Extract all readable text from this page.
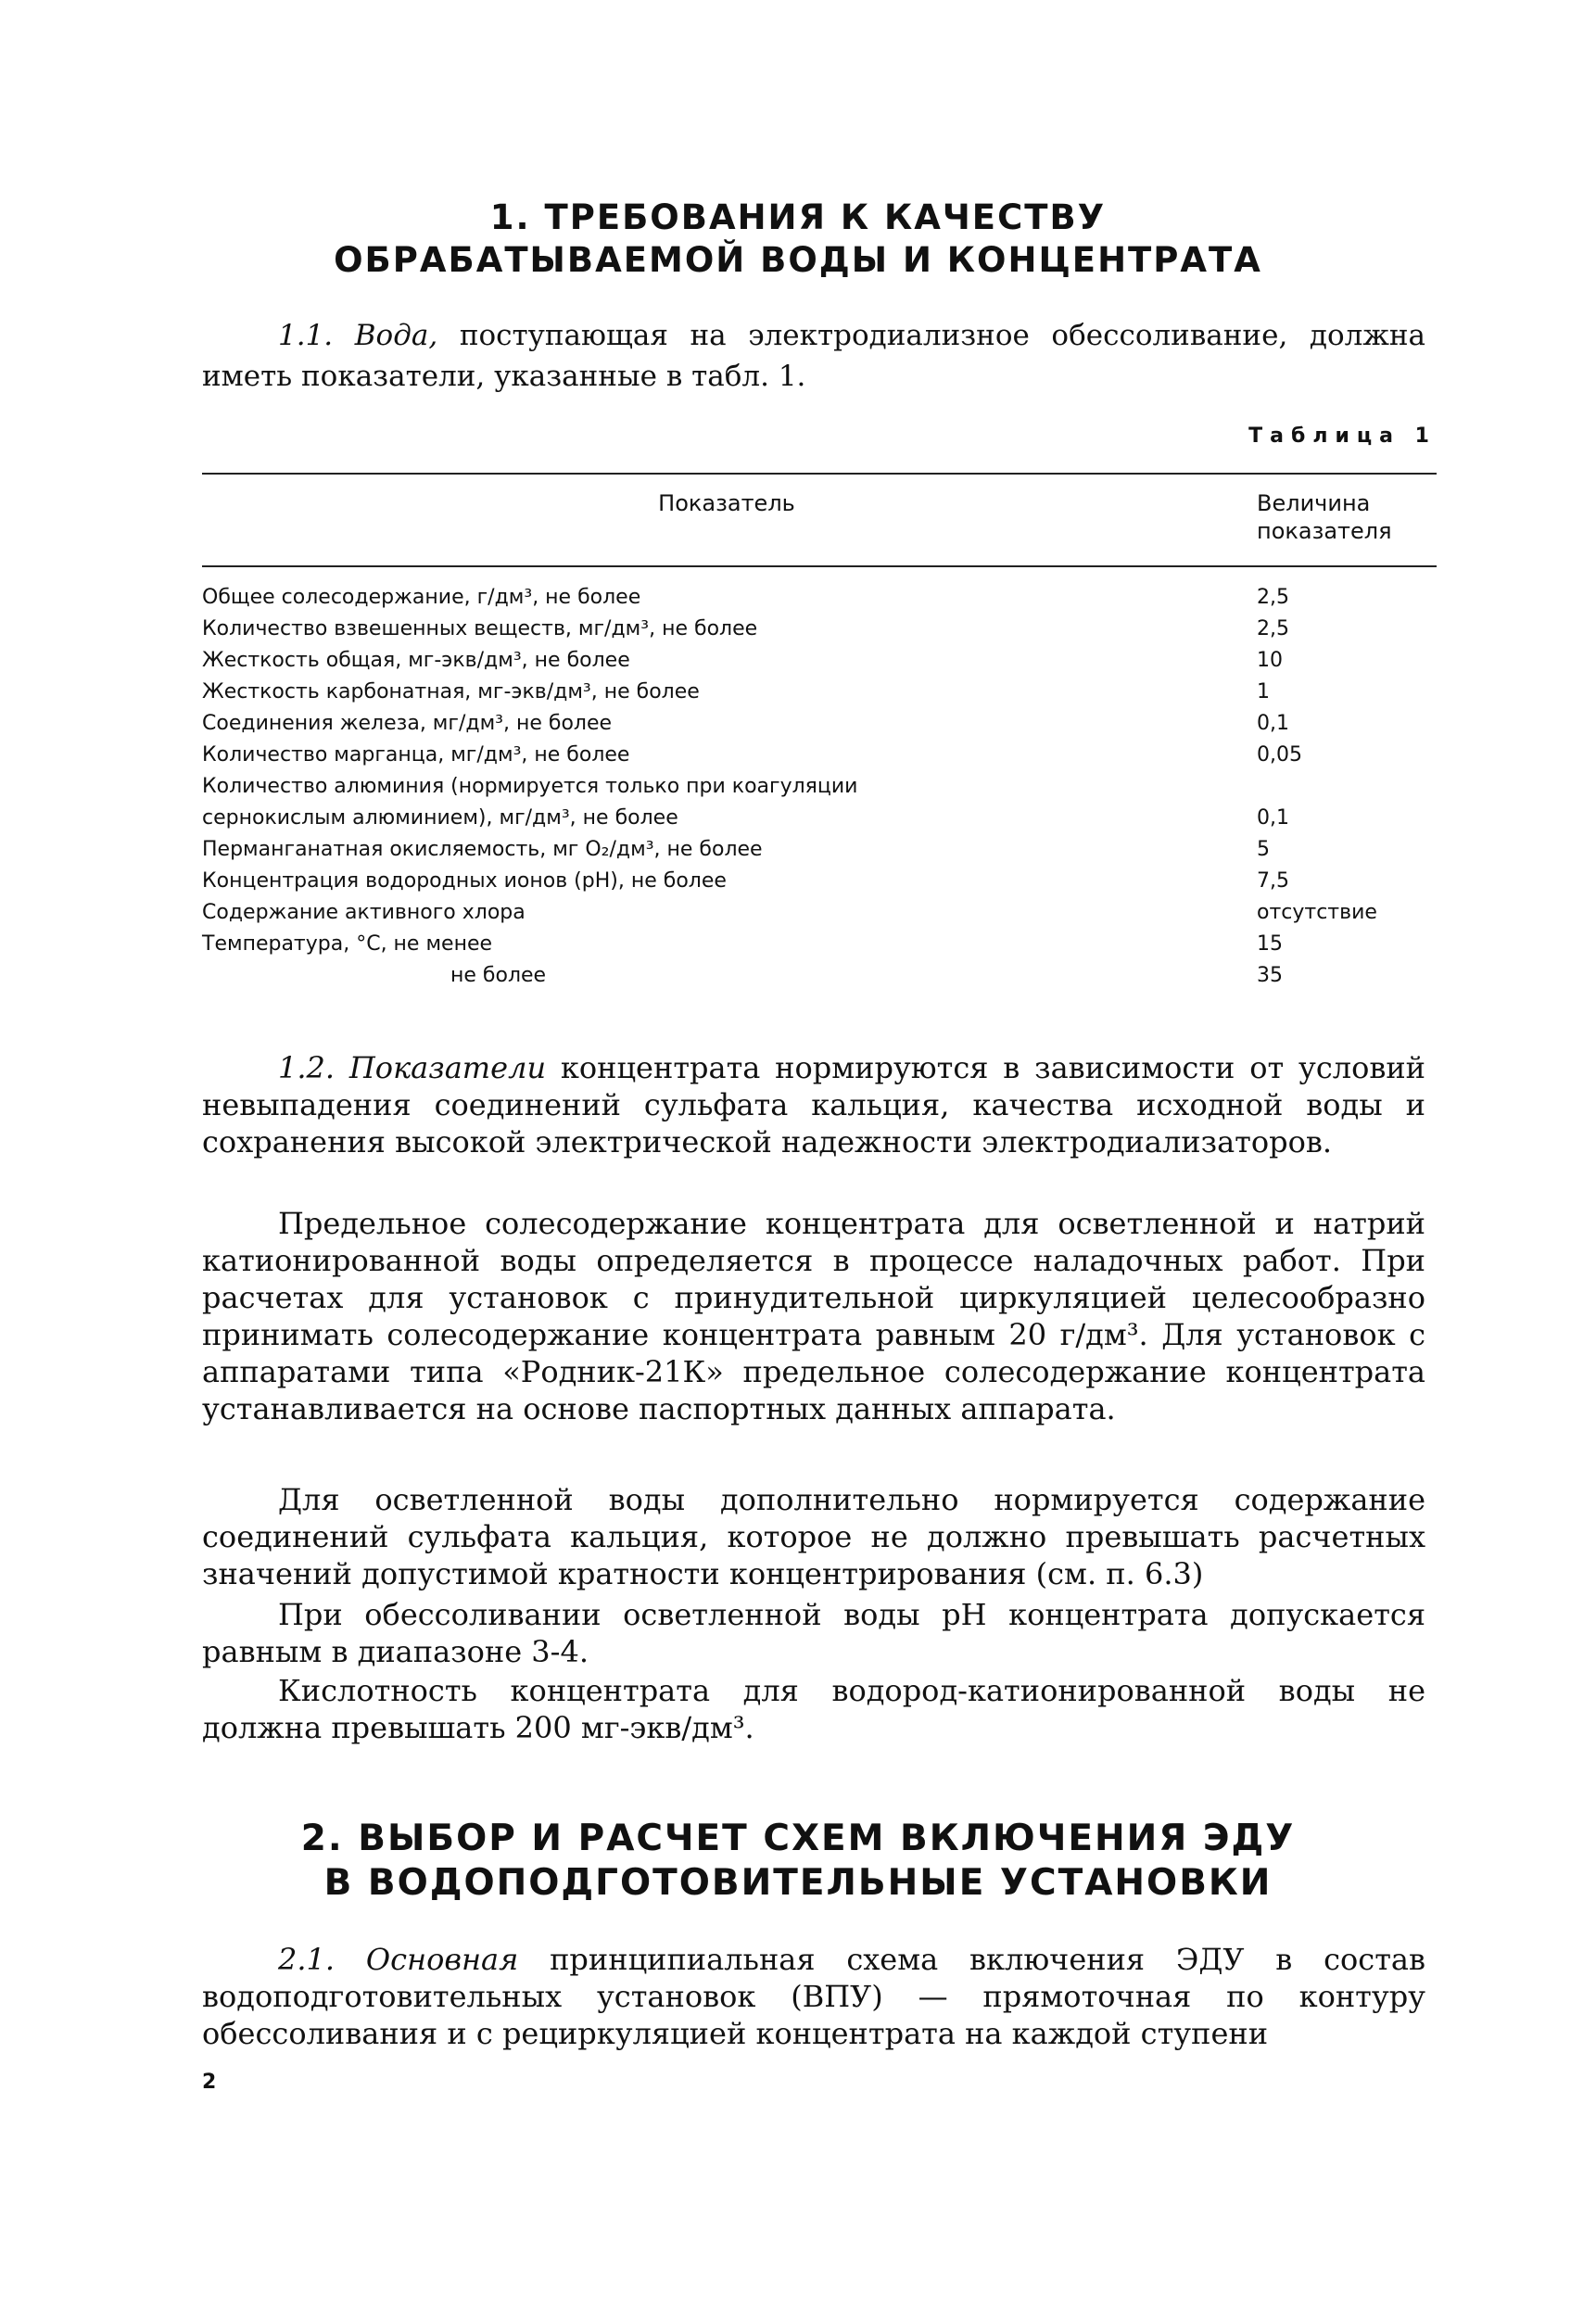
1. ТРЕБОВАНИЯ К КАЧЕСТВУ
ОБРАБАТЫВАЕМОЙ ВОДЫ И КОНЦЕНТРАТА

1.1. Вода, поступающая на электродиализное обессоливание, должна иметь показатели, указанные в табл. 1.

Таблица 1
Показатель	Величина показателя
Общее солесодержание, г/дм³, не более	2,5
Количество взвешенных веществ, мг/дм³, не более	2,5
Жесткость общая, мг-экв/дм³, не более	10
Жесткость карбонатная, мг-экв/дм³, не более	1
Соединения железа, мг/дм³, не более	0,1
Количество марганца, мг/дм³, не более	0,05
Количество алюминия (нормируется только при коагуляции
сернокислым алюминием), мг/дм³, не более	0,1
Перманганатная окисляемость, мг О₂/дм³, не более	5
Концентрация водородных ионов (pH), не более	7,5
Содержание активного хлора	отсутствие
Температура, °С, не менее	15
не более	35

1.2. Показатели концентрата нормируются в зависимости от условий невыпадения соединений сульфата кальция, качества исходной воды и сохранения высокой электрической надежности электродиализаторов.

Предельное солесодержание концентрата для осветленной и натрий катионированной воды определяется в процессе наладочных работ. При расчетах для установок с принудительной циркуляцией целесообразно принимать солесодержание концентрата равным 20 г/дм³. Для установок с аппаратами типа «Родник-21К» предельное солесодержание концентрата устанавливается на основе паспортных данных аппарата.

Для осветленной воды дополнительно нормируется содержание соединений сульфата кальция, которое не должно превышать расчетных значений допустимой кратности концентрирования (см. п. 6.3)

При обессоливании осветленной воды pH концентрата допускается равным в диапазоне 3-4.

Кислотность концентрата для водород-катионированной воды не должна превышать 200 мг-экв/дм³.

2. ВЫБОР И РАСЧЕТ СХЕМ ВКЛЮЧЕНИЯ ЭДУ
В ВОДОПОДГОТОВИТЕЛЬНЫЕ УСТАНОВКИ

2.1. Основная принципиальная схема включения ЭДУ в состав водоподготовительных установок (ВПУ) — прямоточная по контуру обессоливания и с рециркуляцией концентрата на каждой ступени

2
